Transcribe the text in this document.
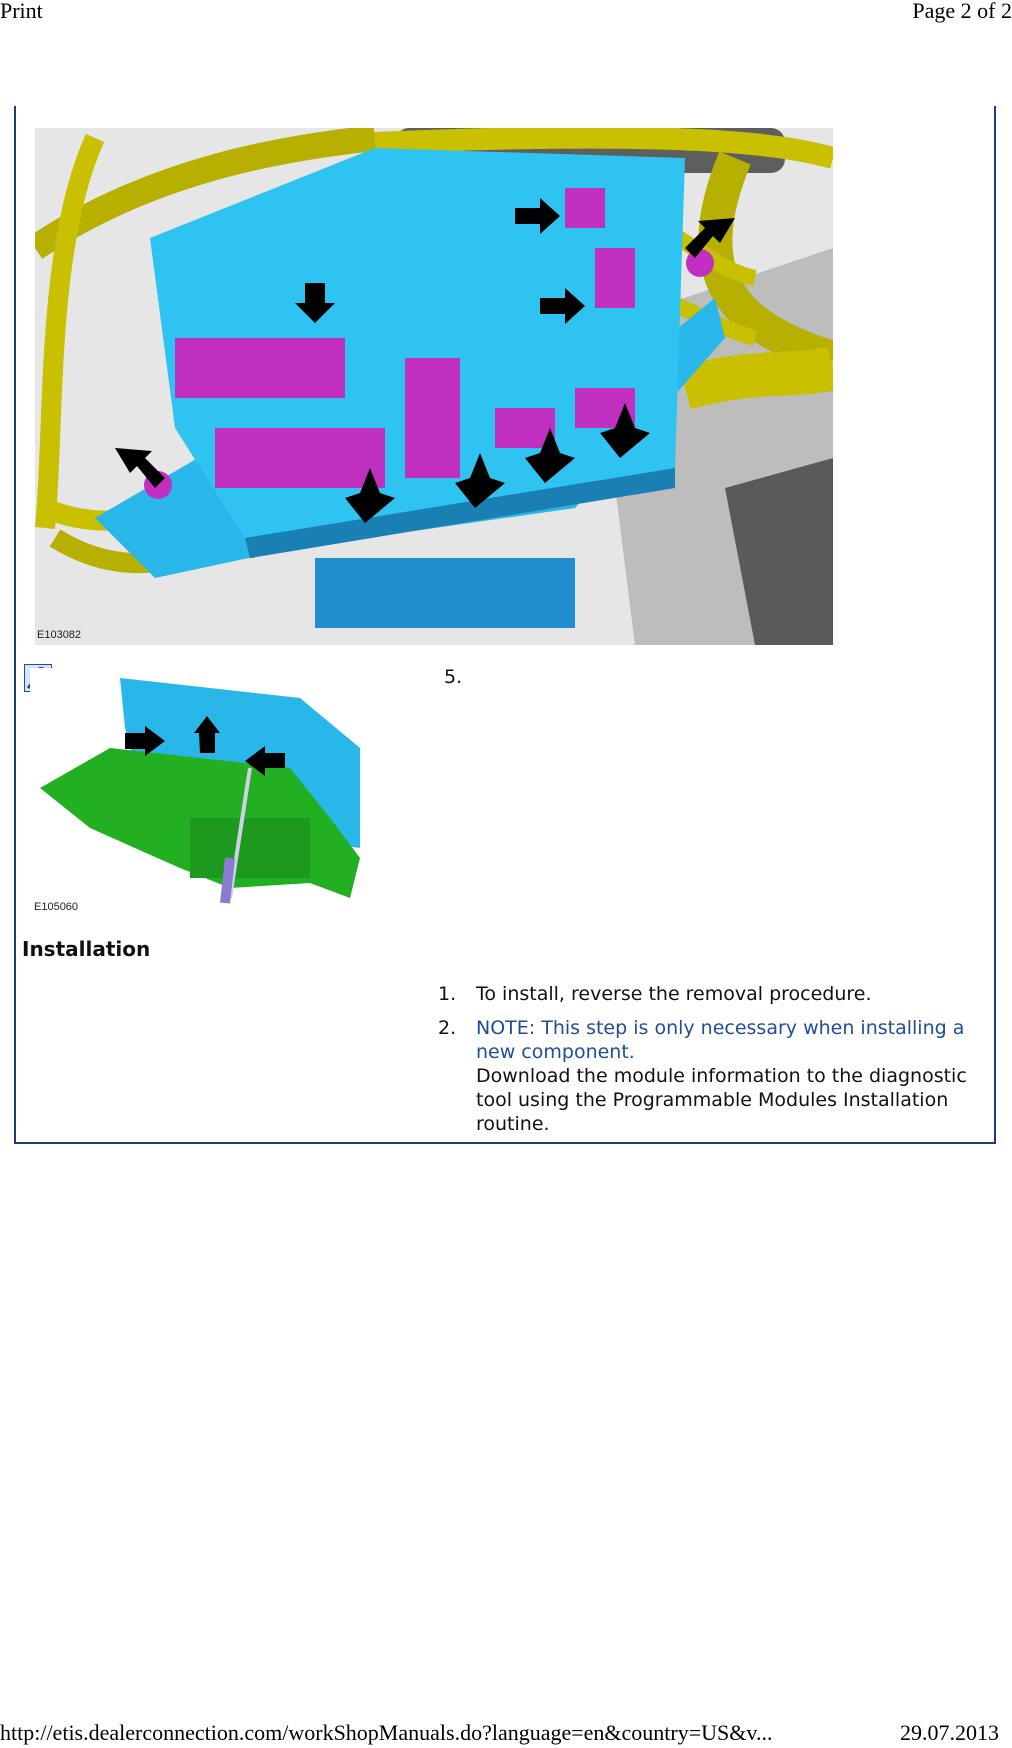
Print	Page 2 of 2
E103082
E105060
5.
Installation
1.	To install, reverse the removal procedure.
2.	NOTE: This step is only necessary when installing a new component.
Download the module information to the diagnostic tool using the Programmable Modules Installation routine.
http://etis.dealerconnection.com/workShopManuals.do?language=en&country=US&v...	29.07.2013
